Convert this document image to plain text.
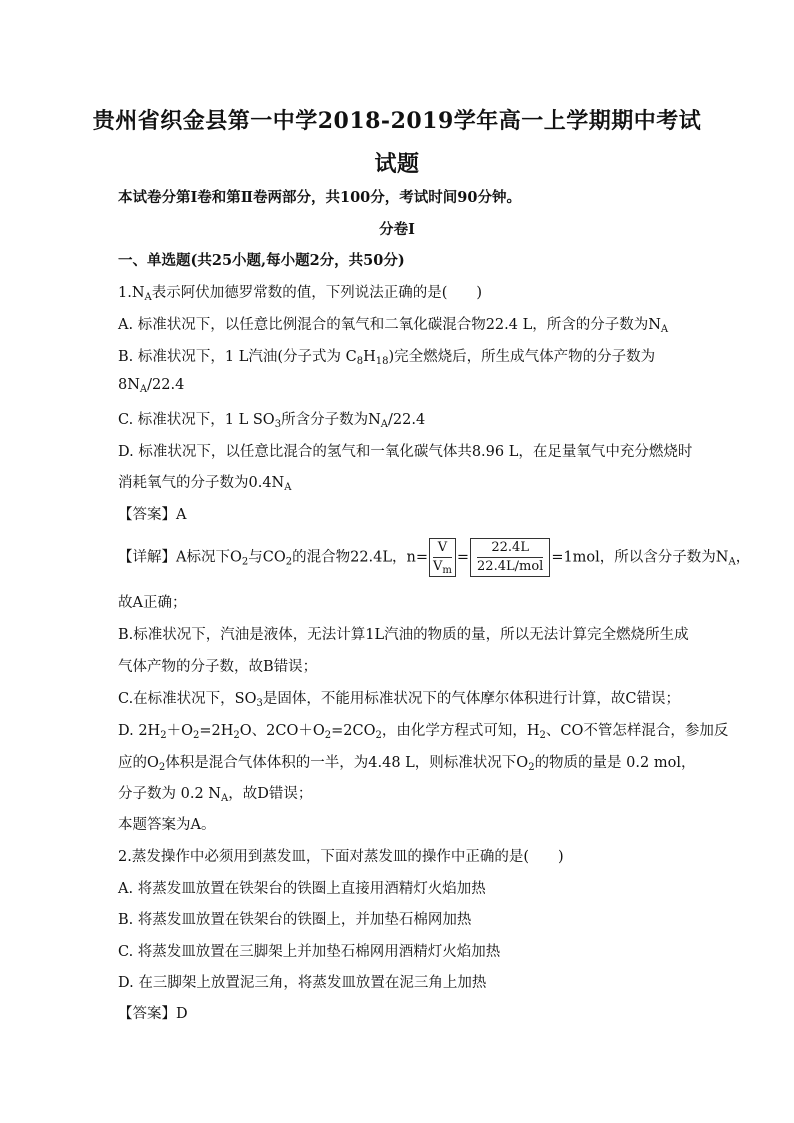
贵州省织金县第一中学2018-2019学年高一上学期期中考试
试题
本试卷分第Ⅰ卷和第Ⅱ卷两部分，共100分，考试时间90分钟。
分卷I
一、单选题(共25小题,每小题2分，共50分)
$1.N_A$表示阿伏加德罗常数的值，下列说法正确的是(　　)
A. 标准状况下，以任意比例混合的氧气和二氧化碳混合物22.4 L，所含的分子数为$N_A$
B. 标准状况下，1 L汽油(分子式为 $C_8H_{18}$)完全燃烧后，所生成气体产物的分子数为
$8N_A/22.4$
C. 标准状况下，1 L $SO_3$所含分子数为$N_A/22.4$
D. 标准状况下，以任意比混合的氢气和一氧化碳气体共8.96 L，在足量氧气中充分燃烧时
消耗氧气的分子数为$0.4N_A$
【答案】A
【详解】A标况下$O_2$与$CO_2$的混合物22.4L，$n= \frac{V}{V_m} = \frac{22.4L}{\text{22.4L/mol}} =1mol$，所以含分子数为$N_A$，
故A正确；
B.标准状况下，汽油是液体，无法计算1L汽油的物质的量，所以无法计算完全燃烧所生成
气体产物的分子数，故B错误；
C.在标准状况下，$SO_3$是固体，不能用标准状况下的气体摩尔体积进行计算，故C错误；
D. $2H_2+O_2=2H_2O$、$2CO+O_2=2CO_2$，由化学方程式可知，$H_2$、CO不管怎样混合，参加反
应的$O_2$体积是混合气体体积的一半，为4.48 L，则标准状况下$O_2$的物质的量是 0.2 mol，
分子数为 0.2 $N_A$，故D错误；
本题答案为A。
2.蒸发操作中必须用到蒸发皿，下面对蒸发皿的操作中正确的是(　　)
A. 将蒸发皿放置在铁架台的铁圈上直接用酒精灯火焰加热
B. 将蒸发皿放置在铁架台的铁圈上，并加垫石棉网加热
C. 将蒸发皿放置在三脚架上并加垫石棉网用酒精灯火焰加热
D. 在三脚架上放置泥三角，将蒸发皿放置在泥三角上加热
【答案】D
